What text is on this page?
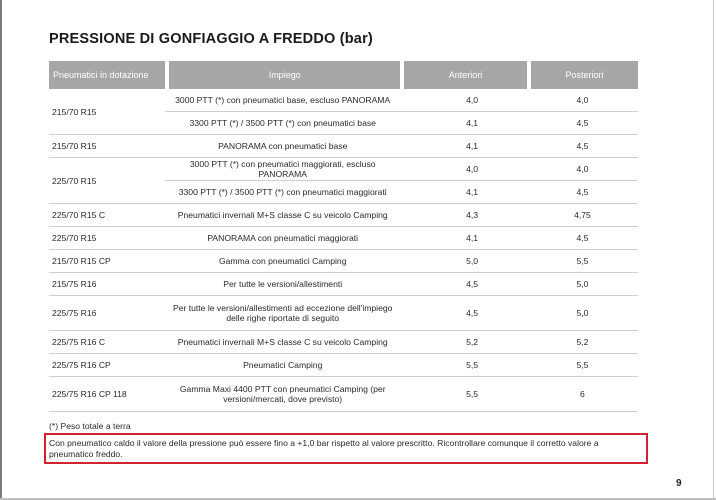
PRESSIONE DI GONFIAGGIO A FREDDO (bar)
Pneumatici in dotazione	Impiego	Anteriori	Posteriori
215/70 R15	3000 PTT (*) con pneumatici base, escluso PANORAMA	4,0	4,0
	3300 PTT (*) / 3500 PTT (*) con pneumatici base	4,1	4,5
215/70 R15	PANORAMA con pneumatici base	4,1	4,5
225/70 R15	3000 PTT (*) con pneumatici maggiorati, escluso PANORAMA	4,0	4,0
	3300 PTT (*) / 3500 PTT (*) con pneumatici maggiorati	4,1	4,5
225/70 R15 C	Pneumatici invernali M+S classe C su veicolo Camping	4,3	4,75
225/70 R15	PANORAMA con pneumatici maggiorati	4,1	4,5
215/70 R15 CP	Gamma con pneumatici Camping	5,0	5,5
215/75 R16	Per tutte le versioni/allestimenti	4,5	5,0
225/75 R16	Per tutte le versioni/allestimenti ad eccezione dell'impiego delle righe riportate di seguito	4,5	5,0
225/75 R16 C	Pneumatici invernali M+S classe C su veicolo Camping	5,2	5,2
225/75 R16 CP	Pneumatici Camping	5,5	5,5
225/75 R16 CP 118	Gamma Maxi 4400 PTT con pneumatici Camping (per versioni/mercati, dove previsto)	5,5	6
(*) Peso totale a terra
Con pneumatico caldo il valore della pressione può essere fino a +1,0 bar rispetto al valore prescritto. Ricontrollare comunque il corretto valore a pneumatico freddo.
9
